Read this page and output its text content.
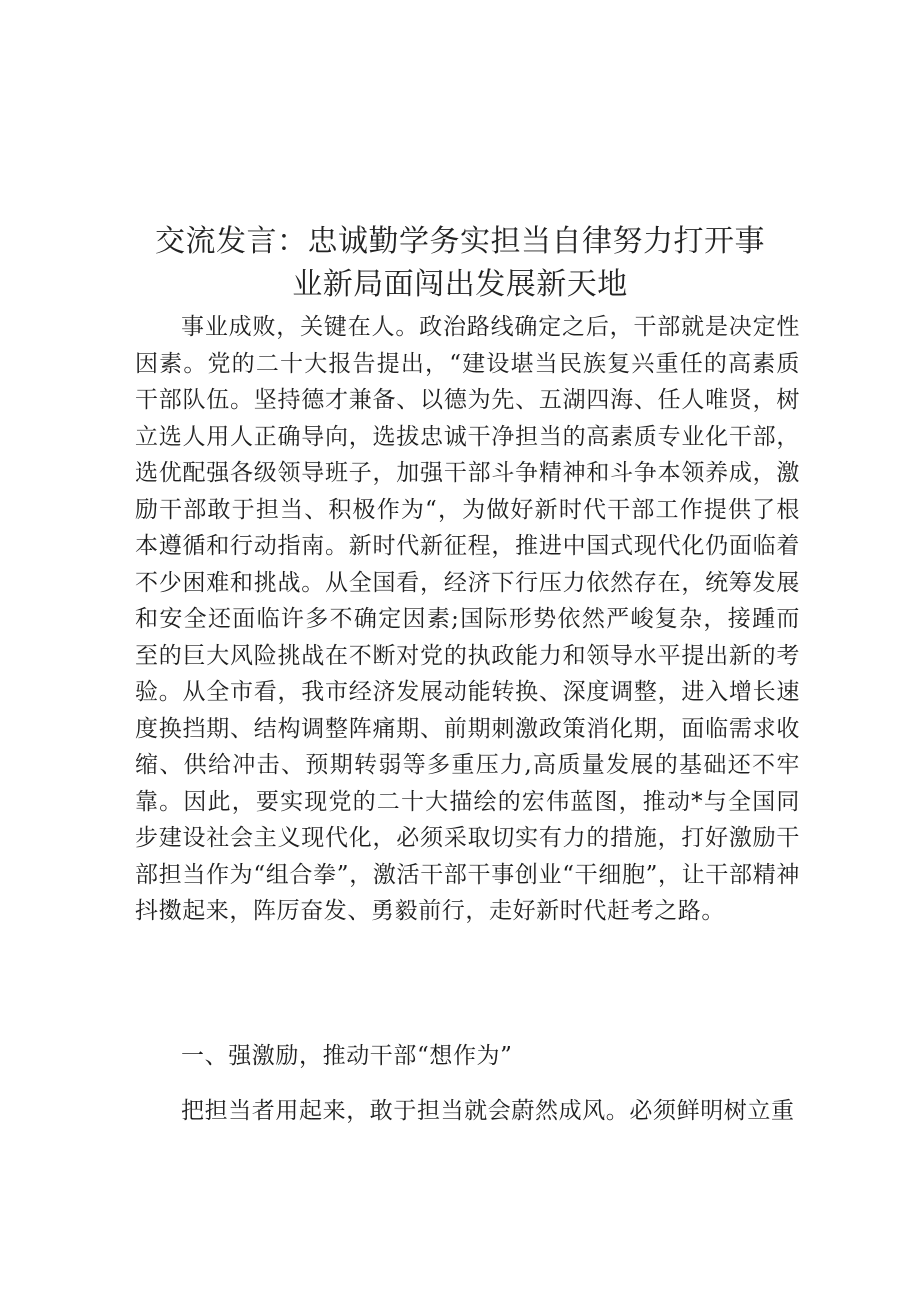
交流发言：忠诚勤学务实担当自律努力打开事
业新局面闯出发展新天地

事业成败，关键在人。政治路线确定之后，干部就是决定性因素。党的二十大报告提出，“建设堪当民族复兴重任的高素质干部队伍。坚持德才兼备、以德为先、五湖四海、任人唯贤，树立选人用人正确导向，选拔忠诚干净担当的高素质专业化干部，选优配强各级领导班子，加强干部斗争精神和斗争本领养成，激励干部敢于担当、积极作为“，为做好新时代干部工作提供了根本遵循和行动指南。新时代新征程，推进中国式现代化仍面临着不少困难和挑战。从全国看，经济下行压力依然存在，统筹发展和安全还面临许多不确定因素;国际形势依然严峻复杂，接踵而至的巨大风险挑战在不断对党的执政能力和领导水平提出新的考验。从全市看，我市经济发展动能转换、深度调整，进入增长速度换挡期、结构调整阵痛期、前期刺激政策消化期，面临需求收缩、供给冲击、预期转弱等多重压力,高质量发展的基础还不牢靠。因此，要实现党的二十大描绘的宏伟蓝图，推动*与全国同步建设社会主义现代化，必须采取切实有力的措施，打好激励干部担当作为“组合拳”，激活干部干事创业“干细胞”，让干部精神抖擞起来，阵厉奋发、勇毅前行，走好新时代赶考之路。

一、强激励，推动干部“想作为”

把担当者用起来，敢于担当就会蔚然成风。必须鲜明树立重
